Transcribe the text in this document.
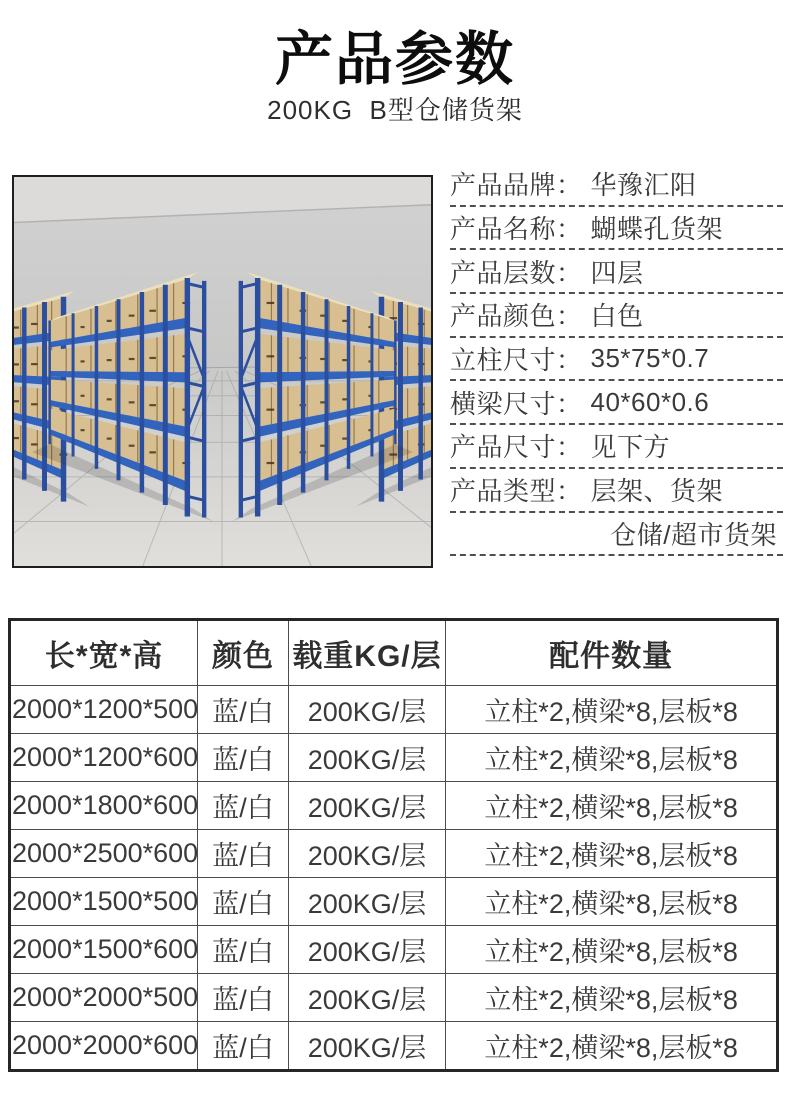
产品参数
200KG  B型仓储货架
产品品牌： 华豫汇阳
产品名称： 蝴蝶孔货架
产品层数： 四层
产品颜色： 白色
立柱尺寸： 35*75*0.7
横梁尺寸： 40*60*0.6
产品尺寸： 见下方
产品类型： 层架、货架
仓储/超市货架
长*宽*高	颜色	载重KG/层	配件数量
2000*1200*500	蓝/白	200KG/层	立柱*2,横梁*8,层板*8
2000*1200*600	蓝/白	200KG/层	立柱*2,横梁*8,层板*8
2000*1800*600	蓝/白	200KG/层	立柱*2,横梁*8,层板*8
2000*2500*600	蓝/白	200KG/层	立柱*2,横梁*8,层板*8
2000*1500*500	蓝/白	200KG/层	立柱*2,横梁*8,层板*8
2000*1500*600	蓝/白	200KG/层	立柱*2,横梁*8,层板*8
2000*2000*500	蓝/白	200KG/层	立柱*2,横梁*8,层板*8
2000*2000*600	蓝/白	200KG/层	立柱*2,横梁*8,层板*8
